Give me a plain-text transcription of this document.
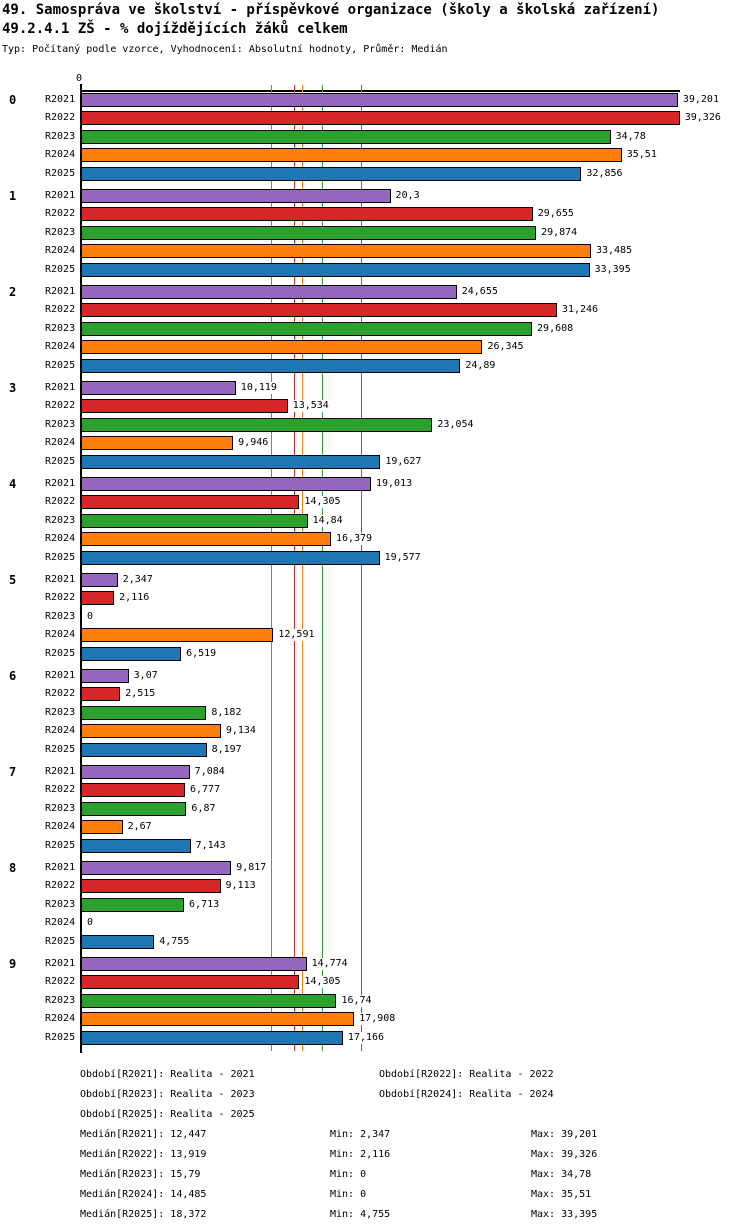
49. Samospráva ve školství - příspěvkové organizace (školy a školská zařízení)
49.2.4.1 ZŠ - % dojíždějících žáků celkem
Typ: Počítaný podle vzorce, Vyhodnocení: Absolutní hodnoty, Průměr: Medián
0
0	R2021	39,201
R2022	39,326
R2023	34,78
R2024	35,51
R2025	32,856
1	R2021	20,3
R2022	29,655
R2023	29,874
R2024	33,485
R2025	33,395
2	R2021	24,655
R2022	31,246
R2023	29,608
R2024	26,345
R2025	24,89
3	R2021	10,119
R2022	13,534
R2023	23,054
R2024	9,946
R2025	19,627
4	R2021	19,013
R2022	14,305
R2023	14,84
R2024	16,379
R2025	19,577
5	R2021	2,347
R2022	2,116
R2023 0
R2024	12,591
R2025	6,519
6	R2021	3,07
R2022	2,515
R2023	8,182
R2024	9,134
R2025	8,197
7	R2021	7,084
R2022	6,777
R2023	6,87
R2024	2,67
R2025	7,143
8	R2021	9,817
R2022	9,113
R2023	6,713
R2024 0
R2025	4,755
9	R2021	14,774
R2022	14,305
R2023	16,74
R2024	17,908
R2025	17,166
Období[R2021]: Realita - 2021	Období[R2022]: Realita - 2022
Období[R2023]: Realita - 2023	Období[R2024]: Realita - 2024
Období[R2025]: Realita - 2025
Medián[R2021]: 12,447	Min: 2,347	Max: 39,201
Medián[R2022]: 13,919	Min: 2,116	Max: 39,326
Medián[R2023]: 15,79	Min: 0	Max: 34,78
Medián[R2024]: 14,485	Min: 0	Max: 35,51
Medián[R2025]: 18,372	Min: 4,755	Max: 33,395
